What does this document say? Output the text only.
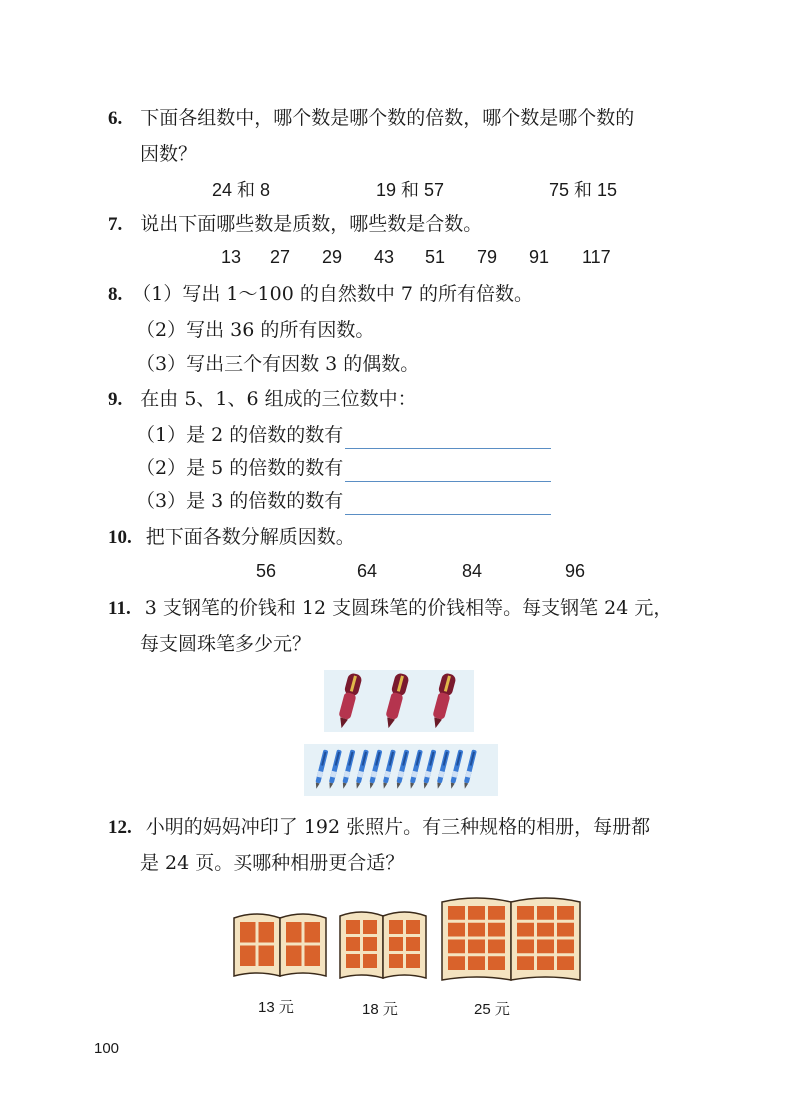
6. 下面各组数中，哪个数是哪个数的倍数，哪个数是哪个数的
因数？
24 和 8	19 和 57	75 和 15
7. 说出下面哪些数是质数，哪些数是合数。
13 27 29 43 51 79 91 117
8. （1）写出 1～100 的自然数中 7 的所有倍数。
（2）写出 36 的所有因数。
（3）写出三个有因数 3 的偶数。
9. 在由 5、1、6 组成的三位数中：
（1）是 2 的倍数的数有
（2）是 5 的倍数的数有
（3）是 3 的倍数的数有
10. 把下面各数分解质因数。
56	64	84	96
11. 3 支钢笔的价钱和 12 支圆珠笔的价钱相等。每支钢笔 24 元，
每支圆珠笔多少元？
12. 小明的妈妈冲印了 192 张照片。有三种规格的相册，每册都
是 24 页。买哪种相册更合适？
13 元	18 元	25 元
100
